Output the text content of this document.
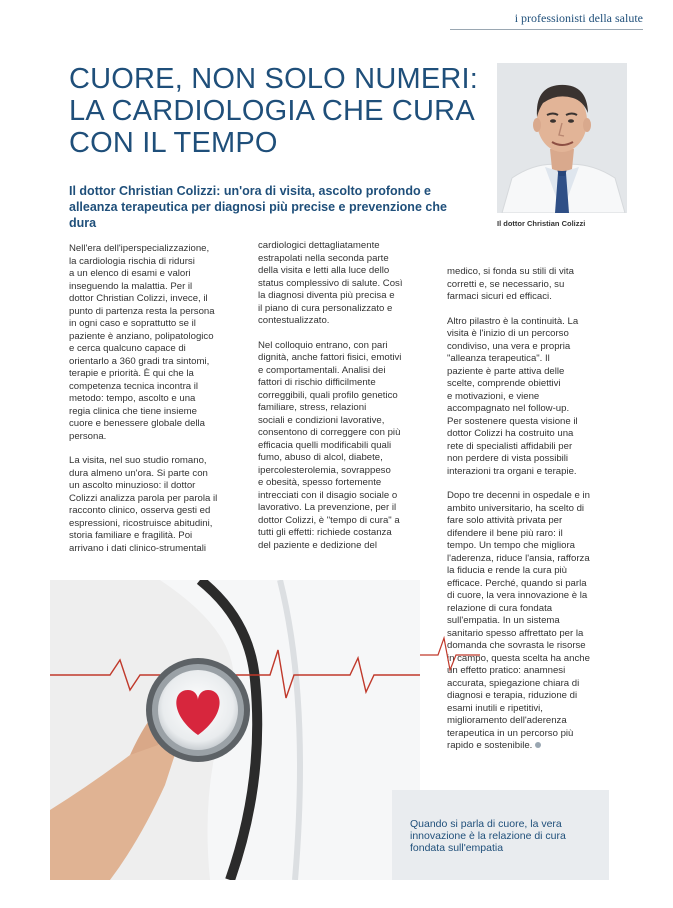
i professionisti della salute
CUORE, NON SOLO NUMERI:
LA CARDIOLOGIA CHE CURA
CON IL TEMPO

Il dottor Christian Colizzi: un'ora di visita, ascolto profondo e alleanza terapeutica per diagnosi più precise e prevenzione che dura	Il dottor Christian Colizzi

Nell'era dell'iperspecializzazione,
la cardiologia rischia di ridursi
a un elenco di esami e valori
inseguendo la malattia. Per il
dottor Christian Colizzi, invece, il
punto di partenza resta la persona
in ogni caso e soprattutto se il
paziente è anziano, polipatologico
e cerca qualcuno capace di
orientarlo a 360 gradi tra sintomi,
terapie e priorità. È qui che la
competenza tecnica incontra il
metodo: tempo, ascolto e una
regia clinica che tiene insieme
cuore e benessere globale della
persona.

La visita, nel suo studio romano,
dura almeno un'ora. Si parte con
un ascolto minuzioso: il dottor
Colizzi analizza parola per parola il
racconto clinico, osserva gesti ed
espressioni, ricostruisce abitudini,
storia familiare e fragilità. Poi
arrivano i dati clinico-strumentali

cardiologici dettagliatamente
estrapolati nella seconda parte
della visita e letti alla luce dello
status complessivo di salute. Così
la diagnosi diventa più precisa e
il piano di cura personalizzato e
contestualizzato.

Nel colloquio entrano, con pari
dignità, anche fattori fisici, emotivi
e comportamentali. Analisi dei
fattori di rischio difficilmente
correggibili, quali profilo genetico
familiare, stress, relazioni
sociali e condizioni lavorative,
consentono di correggere con più
efficacia quelli modificabili quali
fumo, abuso di alcol, diabete,
ipercolesterolemia, sovrappeso
e obesità, spesso fortemente
intrecciati con il disagio sociale o
lavorativo. La prevenzione, per il
dottor Colizzi, è "tempo di cura" a
tutti gli effetti: richiede costanza
del paziente e dedizione del

medico, si fonda su stili di vita
corretti e, se necessario, su
farmaci sicuri ed efficaci.

Altro pilastro è la continuità. La
visita è l'inizio di un percorso
condiviso, una vera e propria
"alleanza terapeutica". Il
paziente è parte attiva delle
scelte, comprende obiettivi
e motivazioni, e viene
accompagnato nel follow-up.
Per sostenere questa visione il
dottor Colizzi ha costruito una
rete di specialisti affidabili per
non perdere di vista possibili
interazioni tra organi e terapie.

Dopo tre decenni in ospedale e in
ambito universitario, ha scelto di
fare solo attività privata per
difendere il bene più raro: il
tempo. Un tempo che migliora
l'aderenza, riduce l'ansia, rafforza
la fiducia e rende la cura più
efficace. Perché, quando si parla
di cuore, la vera innovazione è la
relazione di cura fondata
sull'empatia. In un sistema
sanitario spesso affrettato per la
domanda che sovrasta le risorse
in campo, questa scelta ha anche
un effetto pratico: anamnesi
accurata, spiegazione chiara di
diagnosi e terapia, riduzione di
esami inutili e ripetitivi,
miglioramento dell'aderenza
terapeutica in un percorso più
rapido e sostenibile.

Quando si parla di cuore, la vera innovazione è la relazione di cura fondata sull'empatia
